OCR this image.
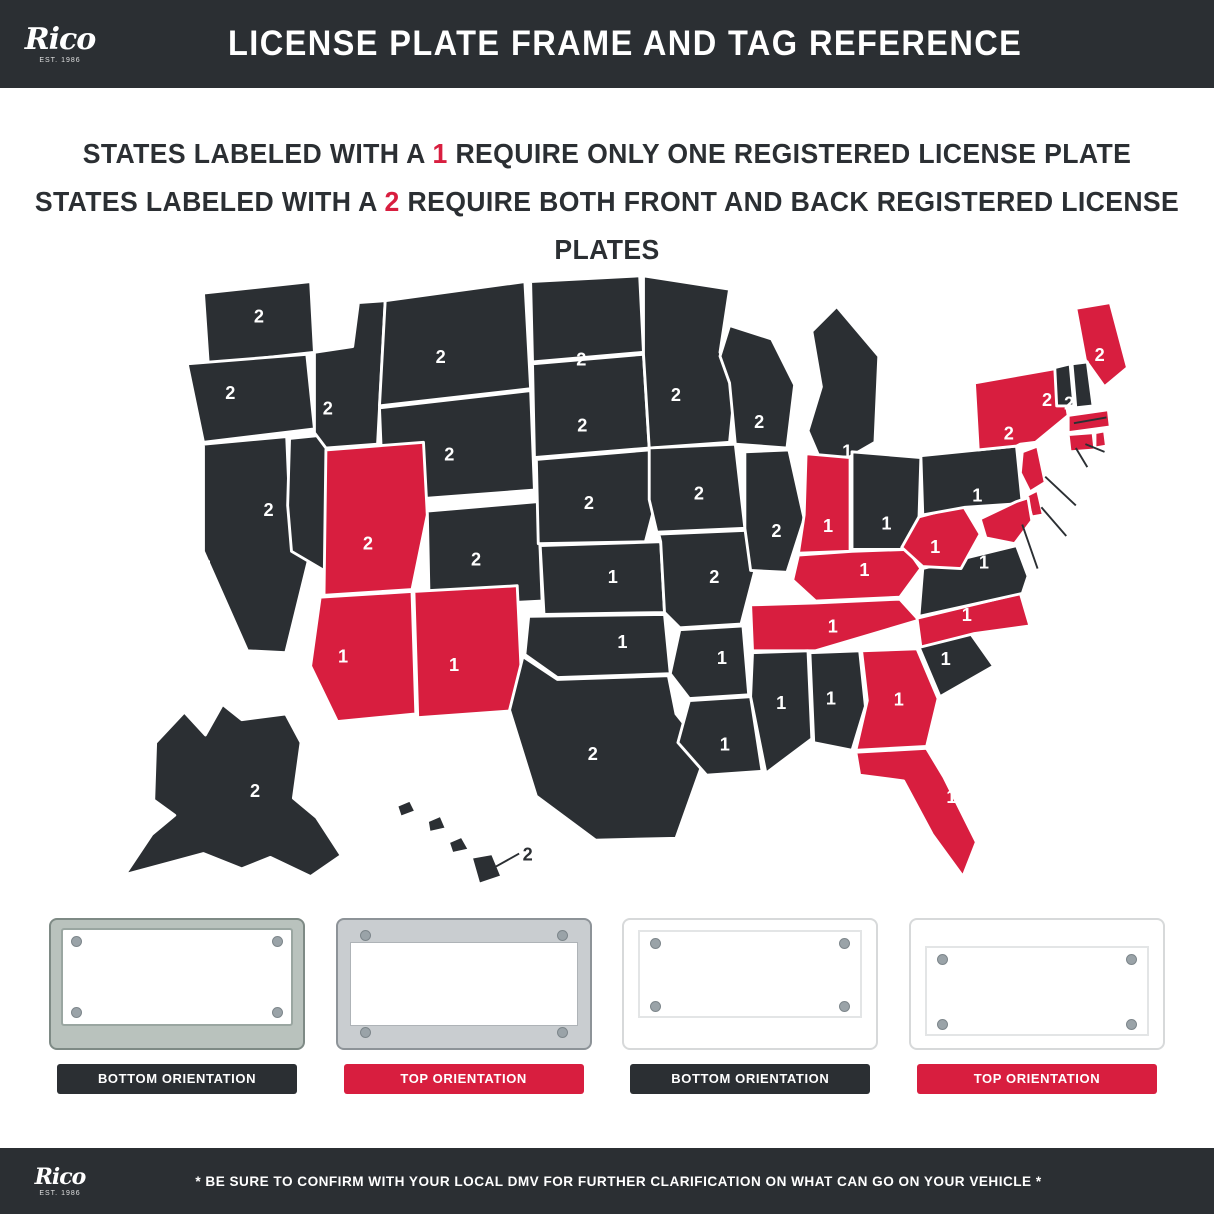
Rico
EST. 1986	LICENSE PLATE FRAME AND TAG REFERENCE
STATES LABELED WITH A 1 REQUIRE ONLY ONE REGISTERED LICENSE PLATE
STATES LABELED WITH A 2 REQUIRE BOTH FRONT AND BACK REGISTERED LICENSE PLATES
2
2
2
2
2
2
2
2
2
2
2
2
2
1
1	1
1
2
2
2 2
2
2
2
2
1
2
1
1
1
1
1
1
1
1
1
1
1
1
1
1
2
2
1
2
1
2
1
2
2
BOTTOM ORIENTATION	TOP ORIENTATION	BOTTOM ORIENTATION	TOP ORIENTATION
Rico
EST. 1986
* BE SURE TO CONFIRM WITH YOUR LOCAL DMV FOR FURTHER CLARIFICATION ON WHAT CAN GO ON YOUR VEHICLE *
